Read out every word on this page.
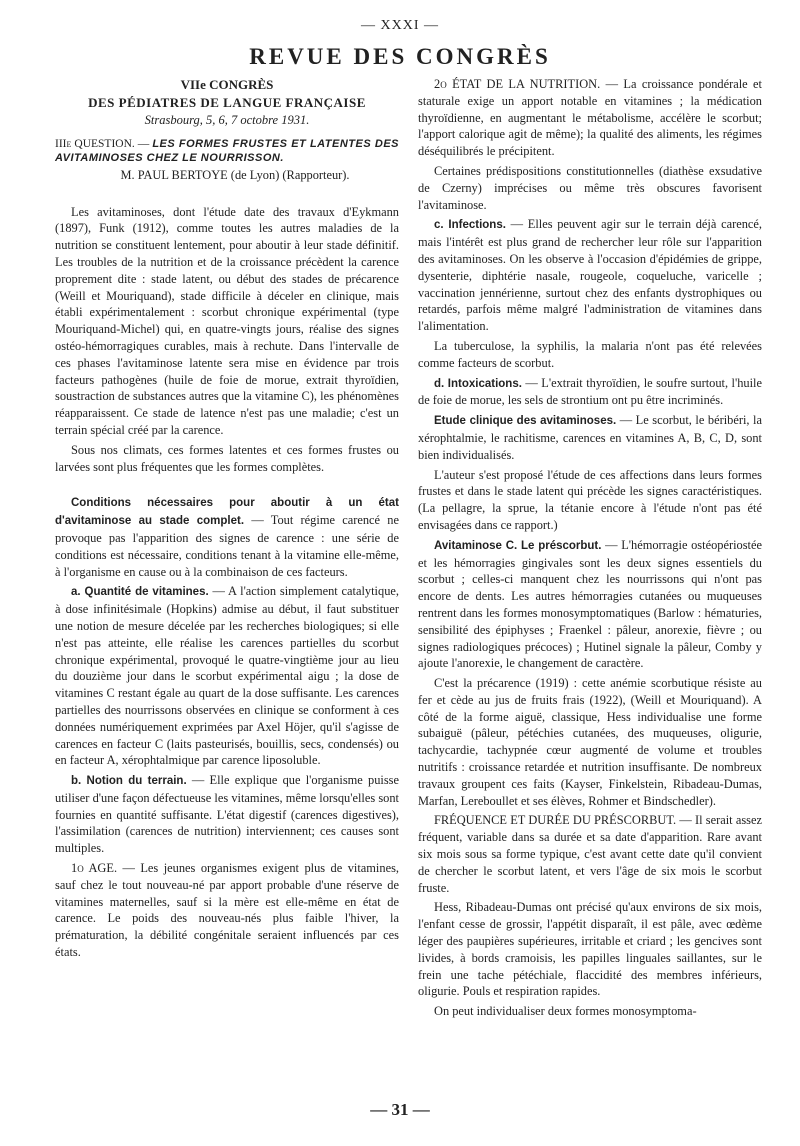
— XXXI —
REVUE DES CONGRÈS

VIIe CONGRÈS

DES PÉDIATRES DE LANGUE FRANÇAISE

Strasbourg, 5, 6, 7 octobre 1931.

IIIe QUESTION. — LES FORMES FRUSTES ET LATENTES DES AVITAMINOSES CHEZ LE NOURRISSON.

M. PAUL BERTOYE (de Lyon) (Rapporteur).

Les avitaminoses, dont l'étude date des travaux d'Eykmann (1897), Funk (1912), comme toutes les autres maladies de la nutrition se constituent lentement, pour aboutir à leur stade définitif. Les troubles de la nutrition et de la croissance précèdent la carence proprement dite : stade latent, ou début des stades de précarence (Weill et Mouriquand), stade difficile à déceler en clinique, mais établi expérimentalement : scorbut chronique expérimental (type Mouriquand-Michel) qui, en quatre-vingts jours, réalise des signes ostéo-hémorragiques curables, mais à rechute. Dans l'intervalle de ces phases l'avitaminose latente sera mise en évidence par trois facteurs pathogènes (huile de foie de morue, extrait thyroïdien, soustraction de substances autres que la vitamine C), les phénomènes réapparaissent. Ce stade de latence n'est pas une maladie; c'est un terrain spécial créé par la carence.

Sous nos climats, ces formes latentes et ces formes frustes ou larvées sont plus fréquentes que les formes complètes.

Conditions nécessaires pour aboutir à un état d'avitaminose au stade complet. — Tout régime carencé ne provoque pas l'apparition des signes de carence : une série de conditions est nécessaire, conditions tenant à la vitamine elle-même, à l'organisme en cause ou à la combinaison de ces facteurs.

a. Quantité de vitamines. — A l'action simplement catalytique, à dose infinitésimale (Hopkins) admise au début, il faut substituer une notion de mesure décelée par les recherches biologiques; si elle n'est pas atteinte, elle réalise les carences partielles du scorbut chronique expérimental, provoqué le quatre-vingtième jour au lieu du douzième jour dans le scorbut expérimental aigu ; la dose de vitamines C restant égale au quart de la dose suffisante. Les carences partielles des nourrissons observées en clinique se conforment à ces données numériquement exprimées par Axel Höjer, qu'il s'agisse de carences en facteur C (laits pasteurisés, bouillis, secs, condensés) ou en facteur A, xérophtalmique par carence liposoluble.

b. Notion du terrain. — Elle explique que l'organisme puisse utiliser d'une façon défectueuse les vitamines, même lorsqu'elles sont fournies en quantité suffisante. L'état digestif (carences digestives), l'assimilation (carences de nutrition) interviennent; ces causes sont multiples.

1o AGE. — Les jeunes organismes exigent plus de vitamines, sauf chez le tout nouveau-né par apport probable d'une réserve de vitamines maternelles, sauf si la mère est elle-même en état de carence. Le poids des nouveau-nés plus faible l'hiver, la prématuration, la débilité congénitale seraient influencés par ces états.

2o ÉTAT DE LA NUTRITION. — La croissance pondérale et staturale exige un apport notable en vitamines ; la médication thyroïdienne, en augmentant le métabolisme, accélère le scorbut; l'apport calorique agit de même); la qualité des aliments, les régimes déséquilibrés le précipitent.

Certaines prédispositions constitutionnelles (diathèse exsudative de Czerny) imprécises ou même très obscures favorisent l'avitaminose.

c. Infections. — Elles peuvent agir sur le terrain déjà carencé, mais l'intérêt est plus grand de rechercher leur rôle sur l'apparition des avitaminoses. On les observe à l'occasion d'épidémies de grippe, dysenterie, diphtérie nasale, rougeole, coqueluche, varicelle ; vaccination jennérienne, surtout chez des enfants dystrophiques ou retardés, parfois même malgré l'administration de vitamines dans l'alimentation.

La tuberculose, la syphilis, la malaria n'ont pas été relevées comme facteurs de scorbut.

d. Intoxications. — L'extrait thyroïdien, le soufre surtout, l'huile de foie de morue, les sels de strontium ont pu être incriminés.

Etude clinique des avitaminoses. — Le scorbut, le béribéri, la xérophtalmie, le rachitisme, carences en vitamines A, B, C, D, sont bien individualisés.

L'auteur s'est proposé l'étude de ces affections dans leurs formes frustes et dans le stade latent qui précède les signes caractéristiques. (La pellagre, la sprue, la tétanie encore à l'étude n'ont pas été envisagées dans ce rapport.)

Avitaminose C. Le préscorbut. — L'hémorragie ostéopériostée et les hémorragies gingivales sont les deux signes essentiels du scorbut ; celles-ci manquent chez les nourrissons qui n'ont pas encore de dents. Les autres hémorragies cutanées ou muqueuses rentrent dans les formes monosymptomatiques (Barlow : hématuries, sensibilité des épiphyses ; Fraenkel : pâleur, anorexie, fièvre ; ou signes radiologiques précoces) ; Hutinel signale la pâleur, Comby y ajoute l'anorexie, le changement de caractère.

C'est la précarence (1919) : cette anémie scorbutique résiste au fer et cède au jus de fruits frais (1922), (Weill et Mouriquand). A côté de la forme aiguë, classique, Hess individualise une forme subaiguë (pâleur, pétéchies cutanées, des muqueuses, oligurie, tachycardie, tachypnée cœur augmenté de volume et troubles nutritifs : croissance retardée et nutrition insuffisante. De nombreux travaux groupent ces faits (Kayser, Finkelstein, Ribadeau-Dumas, Marfan, Lereboullet et ses élèves, Rohmer et Bindschedler).

FRÉQUENCE ET DURÉE DU PRÉSCORBUT. — Il serait assez fréquent, variable dans sa durée et sa date d'apparition. Rare avant six mois sous sa forme typique, c'est avant cette date qu'il convient de chercher le scorbut latent, et vers l'âge de six mois le scorbut fruste.

Hess, Ribadeau-Dumas ont précisé qu'aux environs de six mois, l'enfant cesse de grossir, l'appétit disparaît, il est pâle, avec œdème léger des paupières supérieures, irritable et criard ; les gencives sont livides, à bords cramoisis, les papilles linguales saillantes, sur le frein une tache pétéchiale, flaccidité des membres inférieurs, oligurie. Pouls et respiration rapides.

On peut individualiser deux formes monosymptoma-

— 31 —
